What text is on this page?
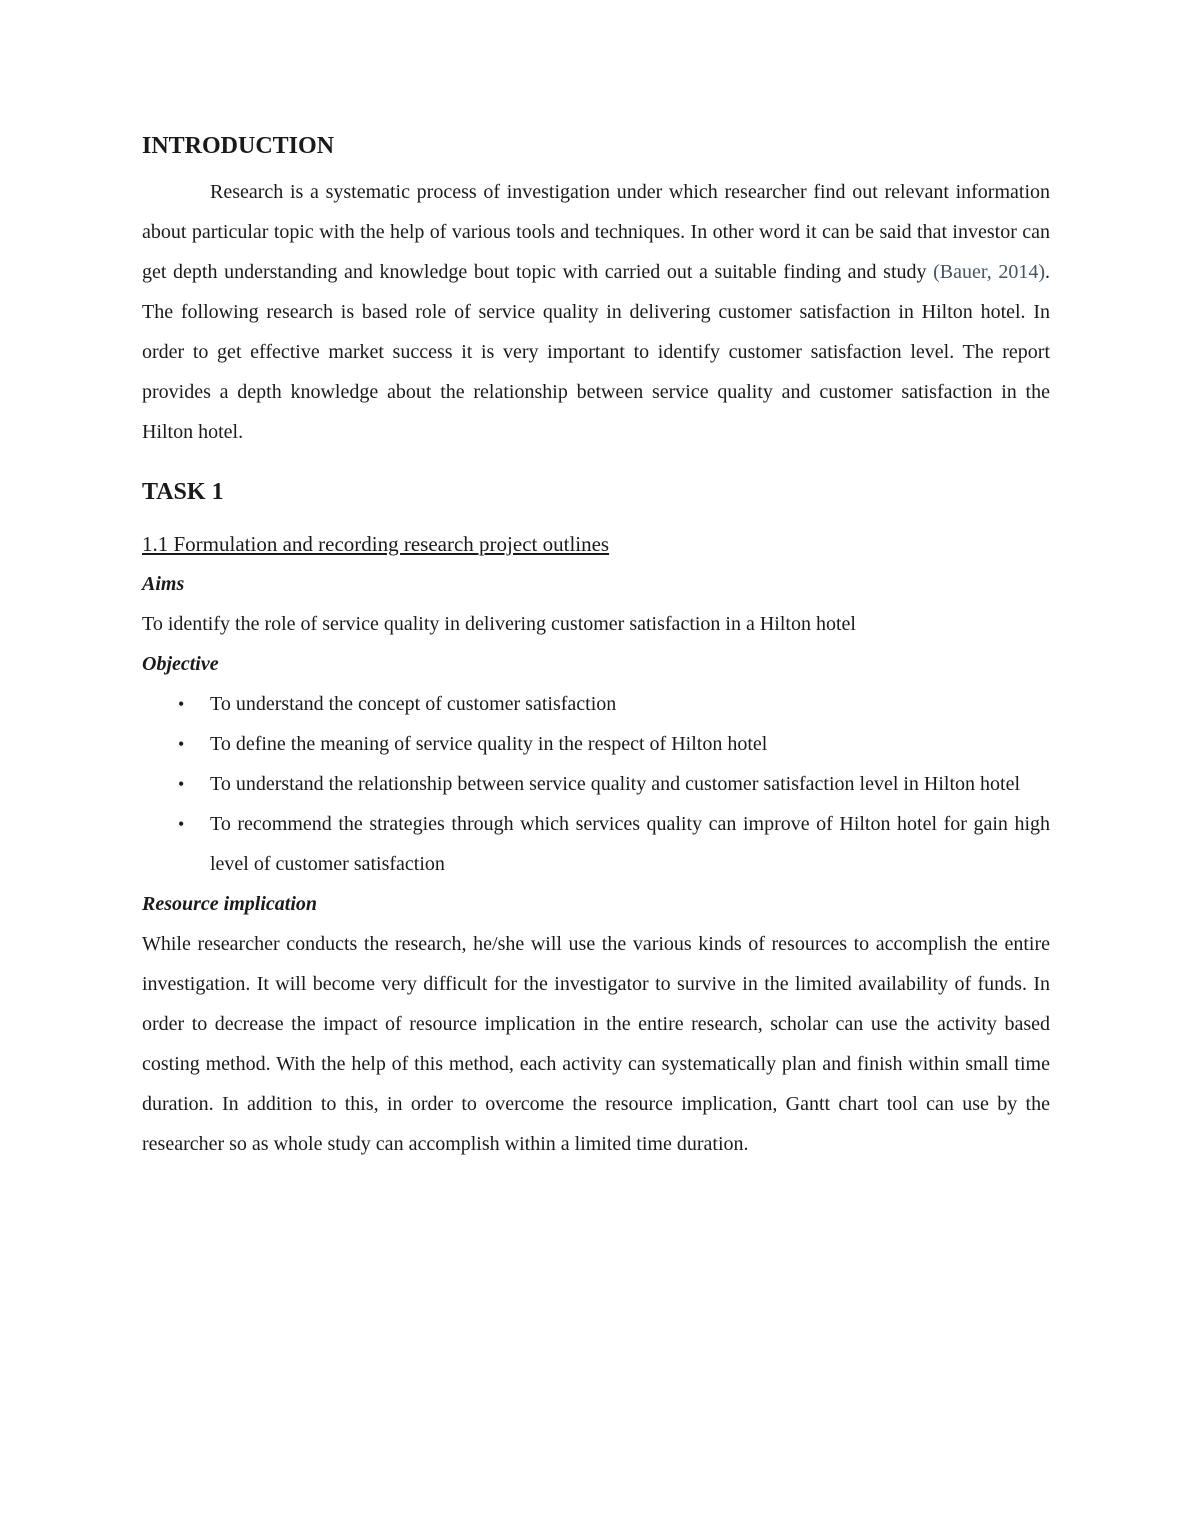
INTRODUCTION

Research is a systematic process of investigation under which researcher find out relevant information about particular topic with the help of various tools and techniques. In other word it can be said that investor can get depth understanding and knowledge bout topic with carried out a suitable finding and study (Bauer, 2014). The following research is based role of service quality in delivering customer satisfaction in Hilton hotel. In order to get effective market success it is very important to identify customer satisfaction level. The report provides a depth knowledge about the relationship between service quality and customer satisfaction in the Hilton hotel.

TASK 1

1.1 Formulation and recording research project outlines

Aims

To identify the role of service quality in delivering customer satisfaction in a Hilton hotel

Objective

•	To understand the concept of customer satisfaction
•	To define the meaning of service quality in the respect of Hilton hotel
•	To understand the relationship between service quality and customer satisfaction level in Hilton hotel
•	To recommend the strategies through which services quality can improve of Hilton hotel for gain high level of customer satisfaction

Resource implication

While researcher conducts the research, he/she will use the various kinds of resources to accomplish the entire investigation. It will become very difficult for the investigator to survive in the limited availability of funds. In order to decrease the impact of resource implication in the entire research, scholar can use the activity based costing method. With the help of this method, each activity can systematically plan and finish within small time duration. In addition to this, in order to overcome the resource implication, Gantt chart tool can use by the researcher so as whole study can accomplish within a limited time duration.
